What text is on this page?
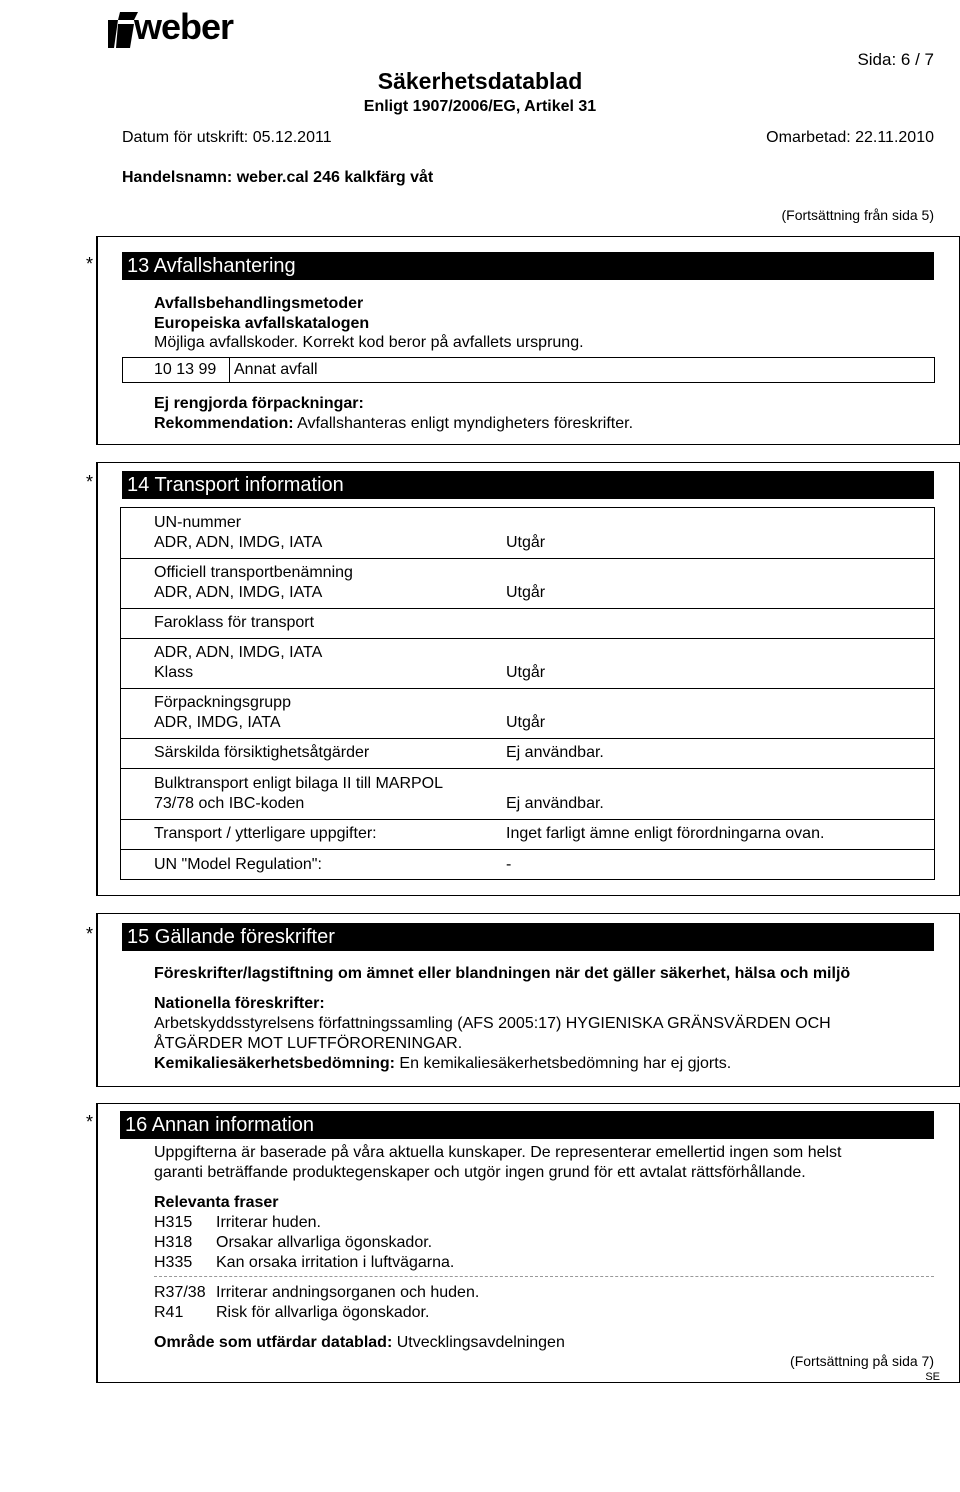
weber
Sida: 6 / 7
Säkerhetsdatablad
Enligt 1907/2006/EG, Artikel 31
Datum för utskrift: 05.12.2011	Omarbetad: 22.11.2010
Handelsnamn: weber.cal 246 kalkfärg våt
(Fortsättning från sida 5)
* 13 Avfallshantering
Avfallsbehandlingsmetoder
Europeiska avfallskatalogen
Möjliga avfallskoder. Korrekt kod beror på avfallets ursprung.
10 13 99 Annat avfall
Ej rengjorda förpackningar:
Rekommendation: Avfallshanteras enligt myndigheters föreskrifter.
* 14 Transport information
UN-nummer
ADR, ADN, IMDG, IATA	Utgår
Officiell transportbenämning
ADR, ADN, IMDG, IATA	Utgår
Faroklass för transport
ADR, ADN, IMDG, IATA
Klass	Utgår
Förpackningsgrupp
ADR, IMDG, IATA	Utgår
Särskilda försiktighetsåtgärder	Ej användbar.
Bulktransport enligt bilaga II till MARPOL
73/78 och IBC-koden	Ej användbar.
Transport / ytterligare uppgifter:	Inget farligt ämne enligt förordningarna ovan.
UN "Model Regulation":	-
* 15 Gällande föreskrifter
Föreskrifter/lagstiftning om ämnet eller blandningen när det gäller säkerhet, hälsa och miljö
Nationella föreskrifter:
Arbetskyddsstyrelsens författningssamling (AFS 2005:17) HYGIENISKA GRÄNSVÄRDEN OCH
ÅTGÄRDER MOT LUFTFÖRORENINGAR.
Kemikaliesäkerhetsbedömning: En kemikaliesäkerhetsbedömning har ej gjorts.
* 16 Annan information
Uppgifterna är baserade på våra aktuella kunskaper. De representerar emellertid ingen som helst
garanti beträffande produktegenskaper och utgör ingen grund för ett avtalat rättsförhållande.
Relevanta fraser
H315 Irriterar huden.
H318 Orsakar allvarliga ögonskador.
H335 Kan orsaka irritation i luftvägarna.
R37/38 Irriterar andningsorganen och huden.
R41 Risk för allvarliga ögonskador.
Område som utfärdar datablad: Utvecklingsavdelningen
(Fortsättning på sida 7)
SE
